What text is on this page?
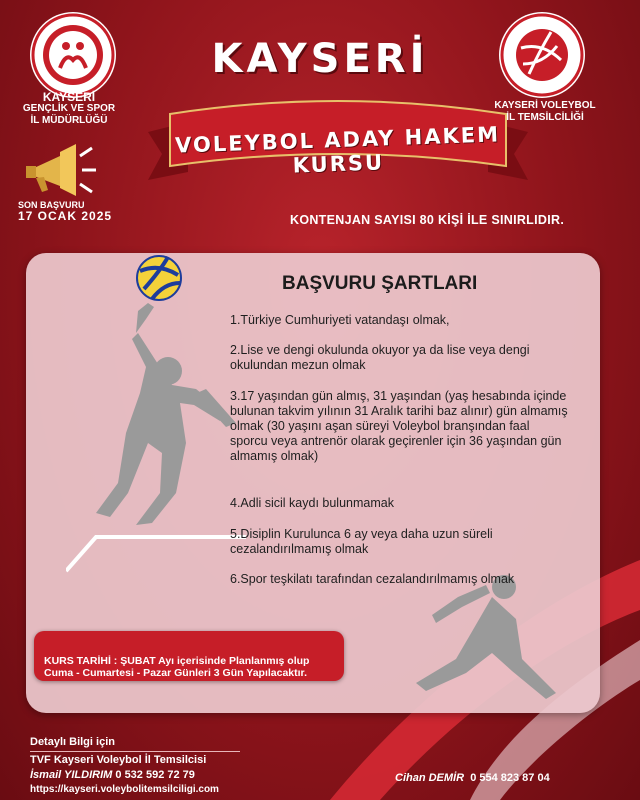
KAYSERİ
GENÇLİK VE SPOR
İL MÜDÜRLÜĞÜ
SON BAŞVURU
17 OCAK 2025
KAYSERİ
VOLEYBOL ADAY HAKEM KURSU
KAYSERİ VOLEYBOL
İL TEMSİLCİLİĞİ
KONTENJAN SAYISI 80 KİŞİ İLE SINIRLIDIR.
BAŞVURU ŞARTLARI
1.Türkiye Cumhuriyeti vatandaşı olmak,
2.Lise ve dengi okulunda okuyor ya da lise veya dengi okulundan mezun olmak
3.17 yaşından gün almış, 31 yaşından (yaş hesabında içinde bulunan takvim yılının 31 Aralık tarihi baz alınır) gün almamış olmak (30 yaşını aşan süreyi Voleybol branşından faal sporcu veya antrenör olarak geçirenler için 36 yaşından gün almamış olmak)
4.Adli sicil kaydı bulunmamak
5.Disiplin Kurulunca 6 ay veya daha uzun süreli cezalandırılmamış olmak
6.Spor teşkilatı tarafından cezalandırılmamış olmak
KURS TARİHİ : ŞUBAT Ayı içerisinde Planlanmış olup Cuma - Cumartesi - Pazar Günleri 3 Gün Yapılacaktır.
Detaylı Bilgi için
TVF Kayseri Voleybol İl Temsilcisi
İsmail YILDIRIM 0 532 592 72 79
https://kayseri.voleybolitemsilciligi.com
Cihan DEMİR 0 554 823 87 04
